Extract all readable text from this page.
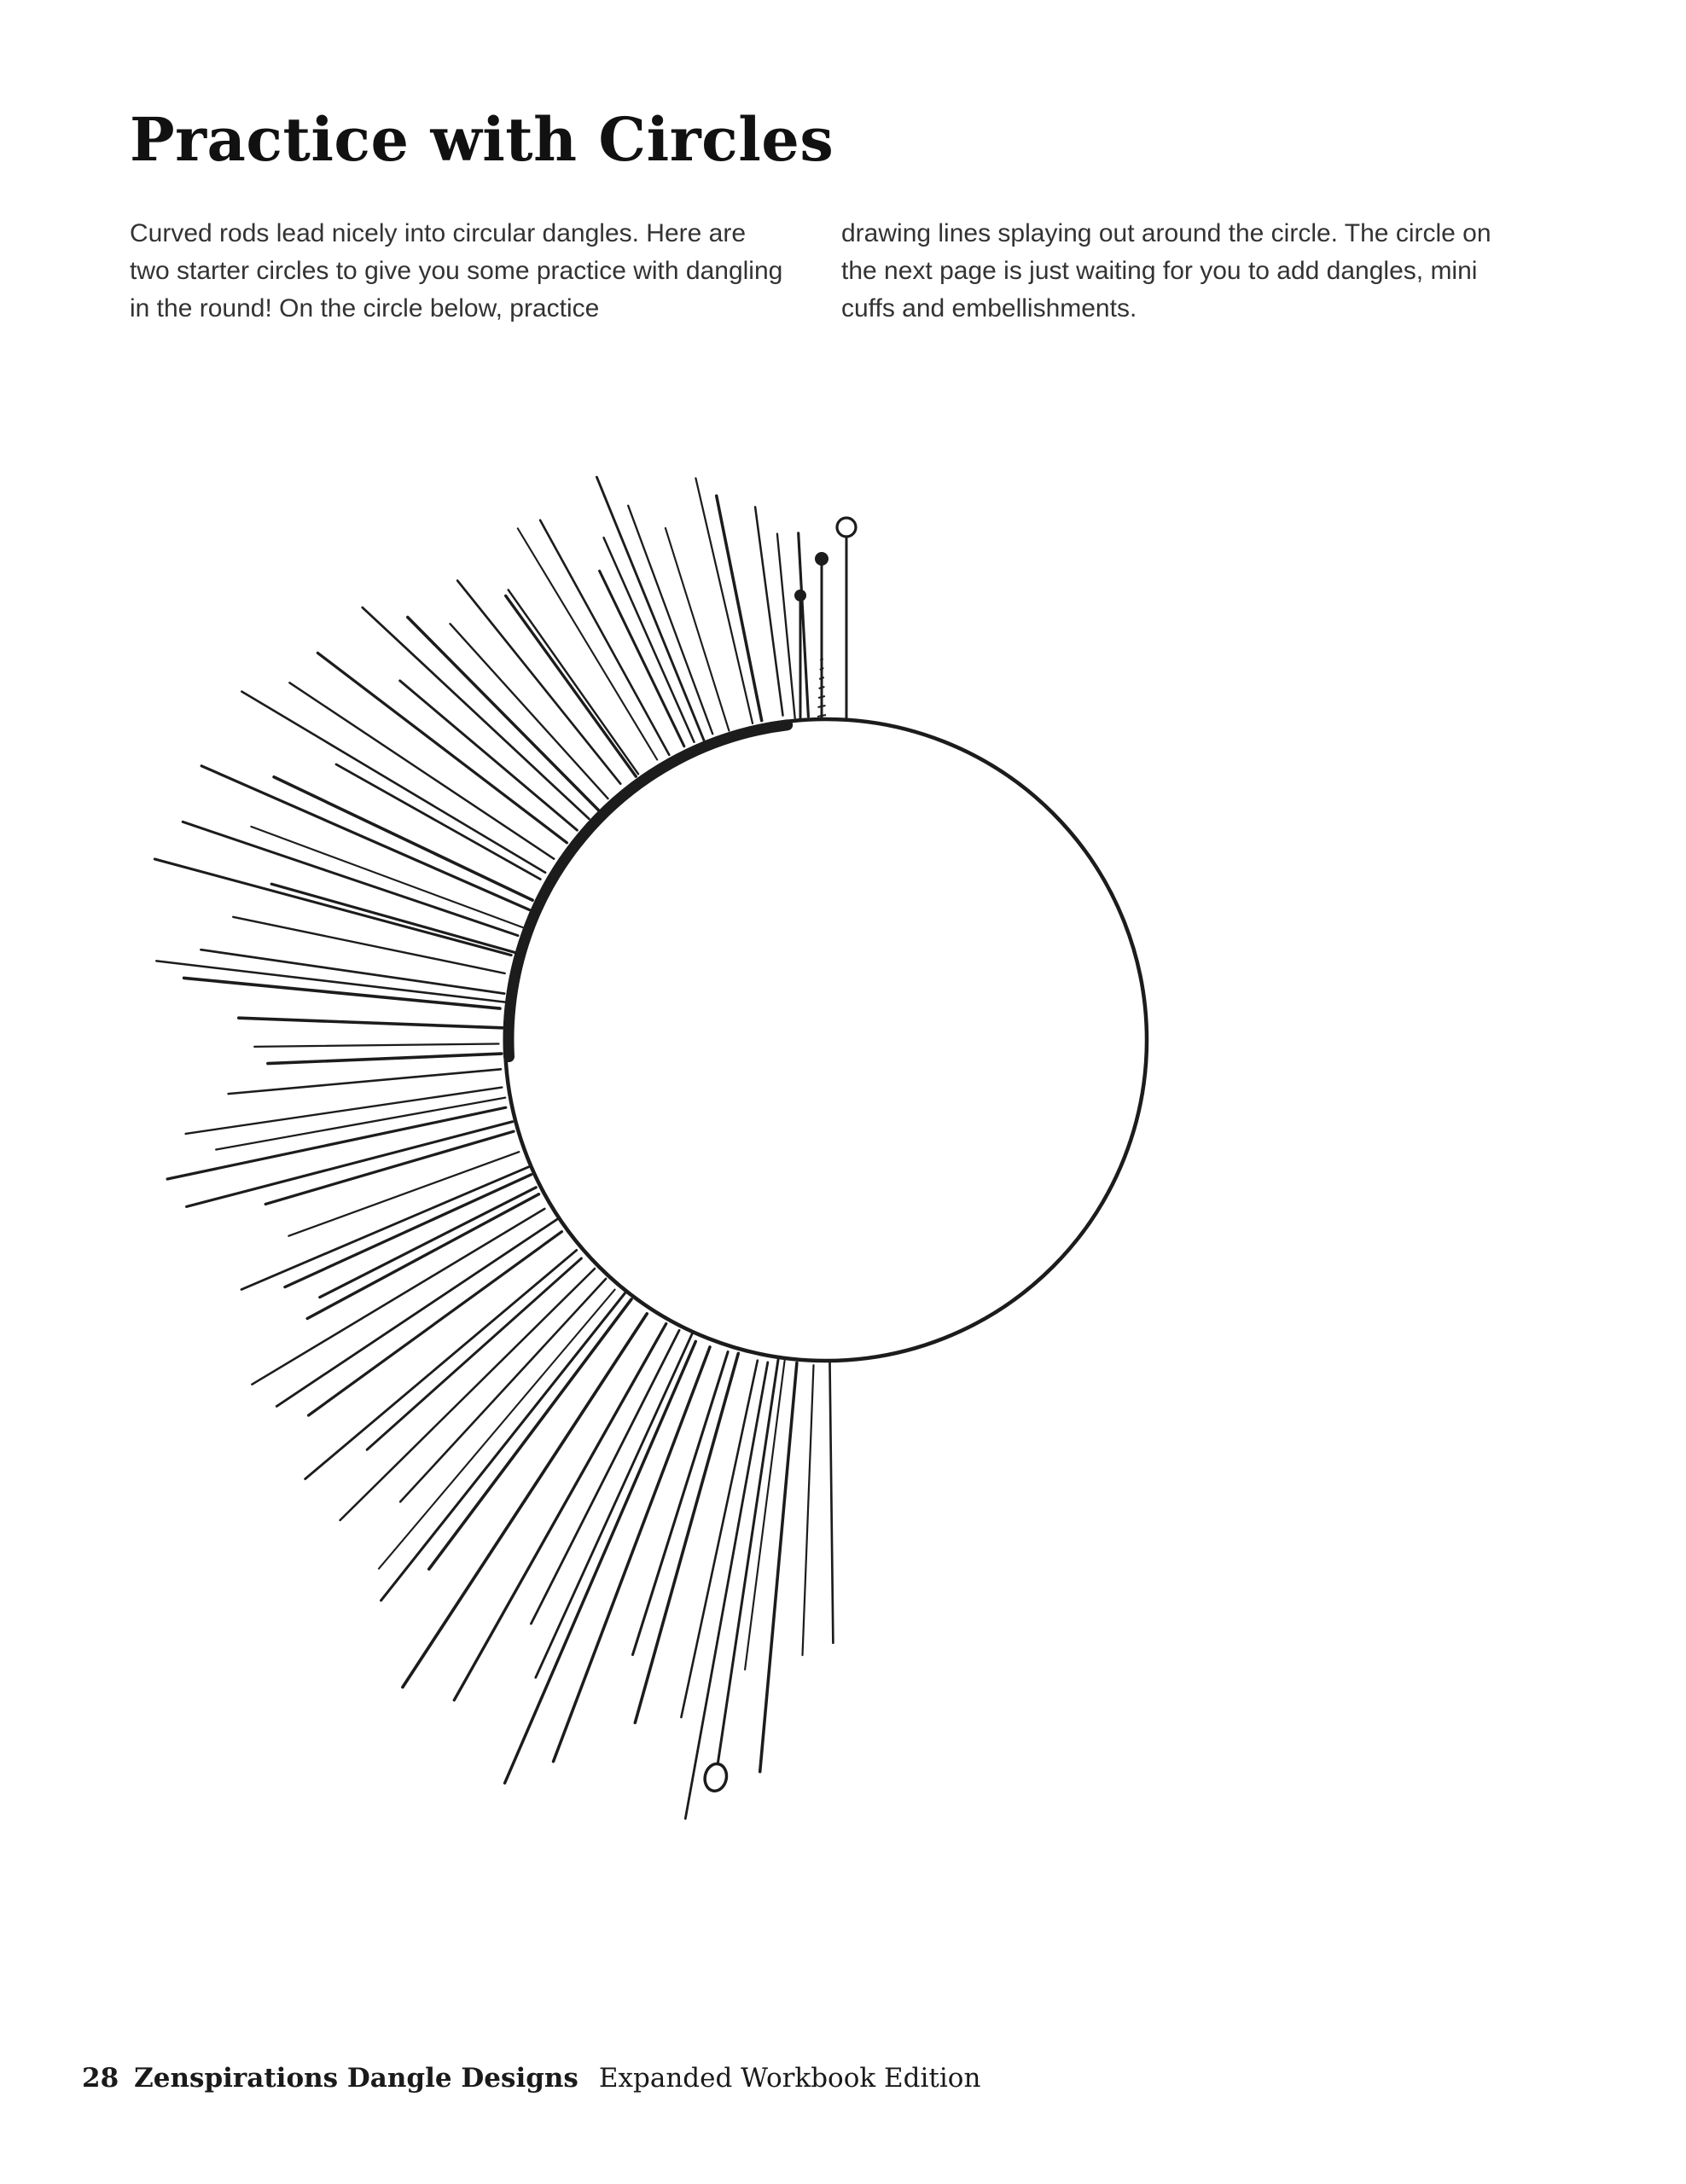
Practice with Circles

Curved rods lead nicely into circular dangles. Here are two starter circles to give you some practice with dangling in the round! On the circle below, practice

drawing lines splaying out around the circle. The circle on the next page is just waiting for you to add dangles, mini cuffs and embellishments.

28 Zenspirations Dangle Designs Expanded Workbook Edition
